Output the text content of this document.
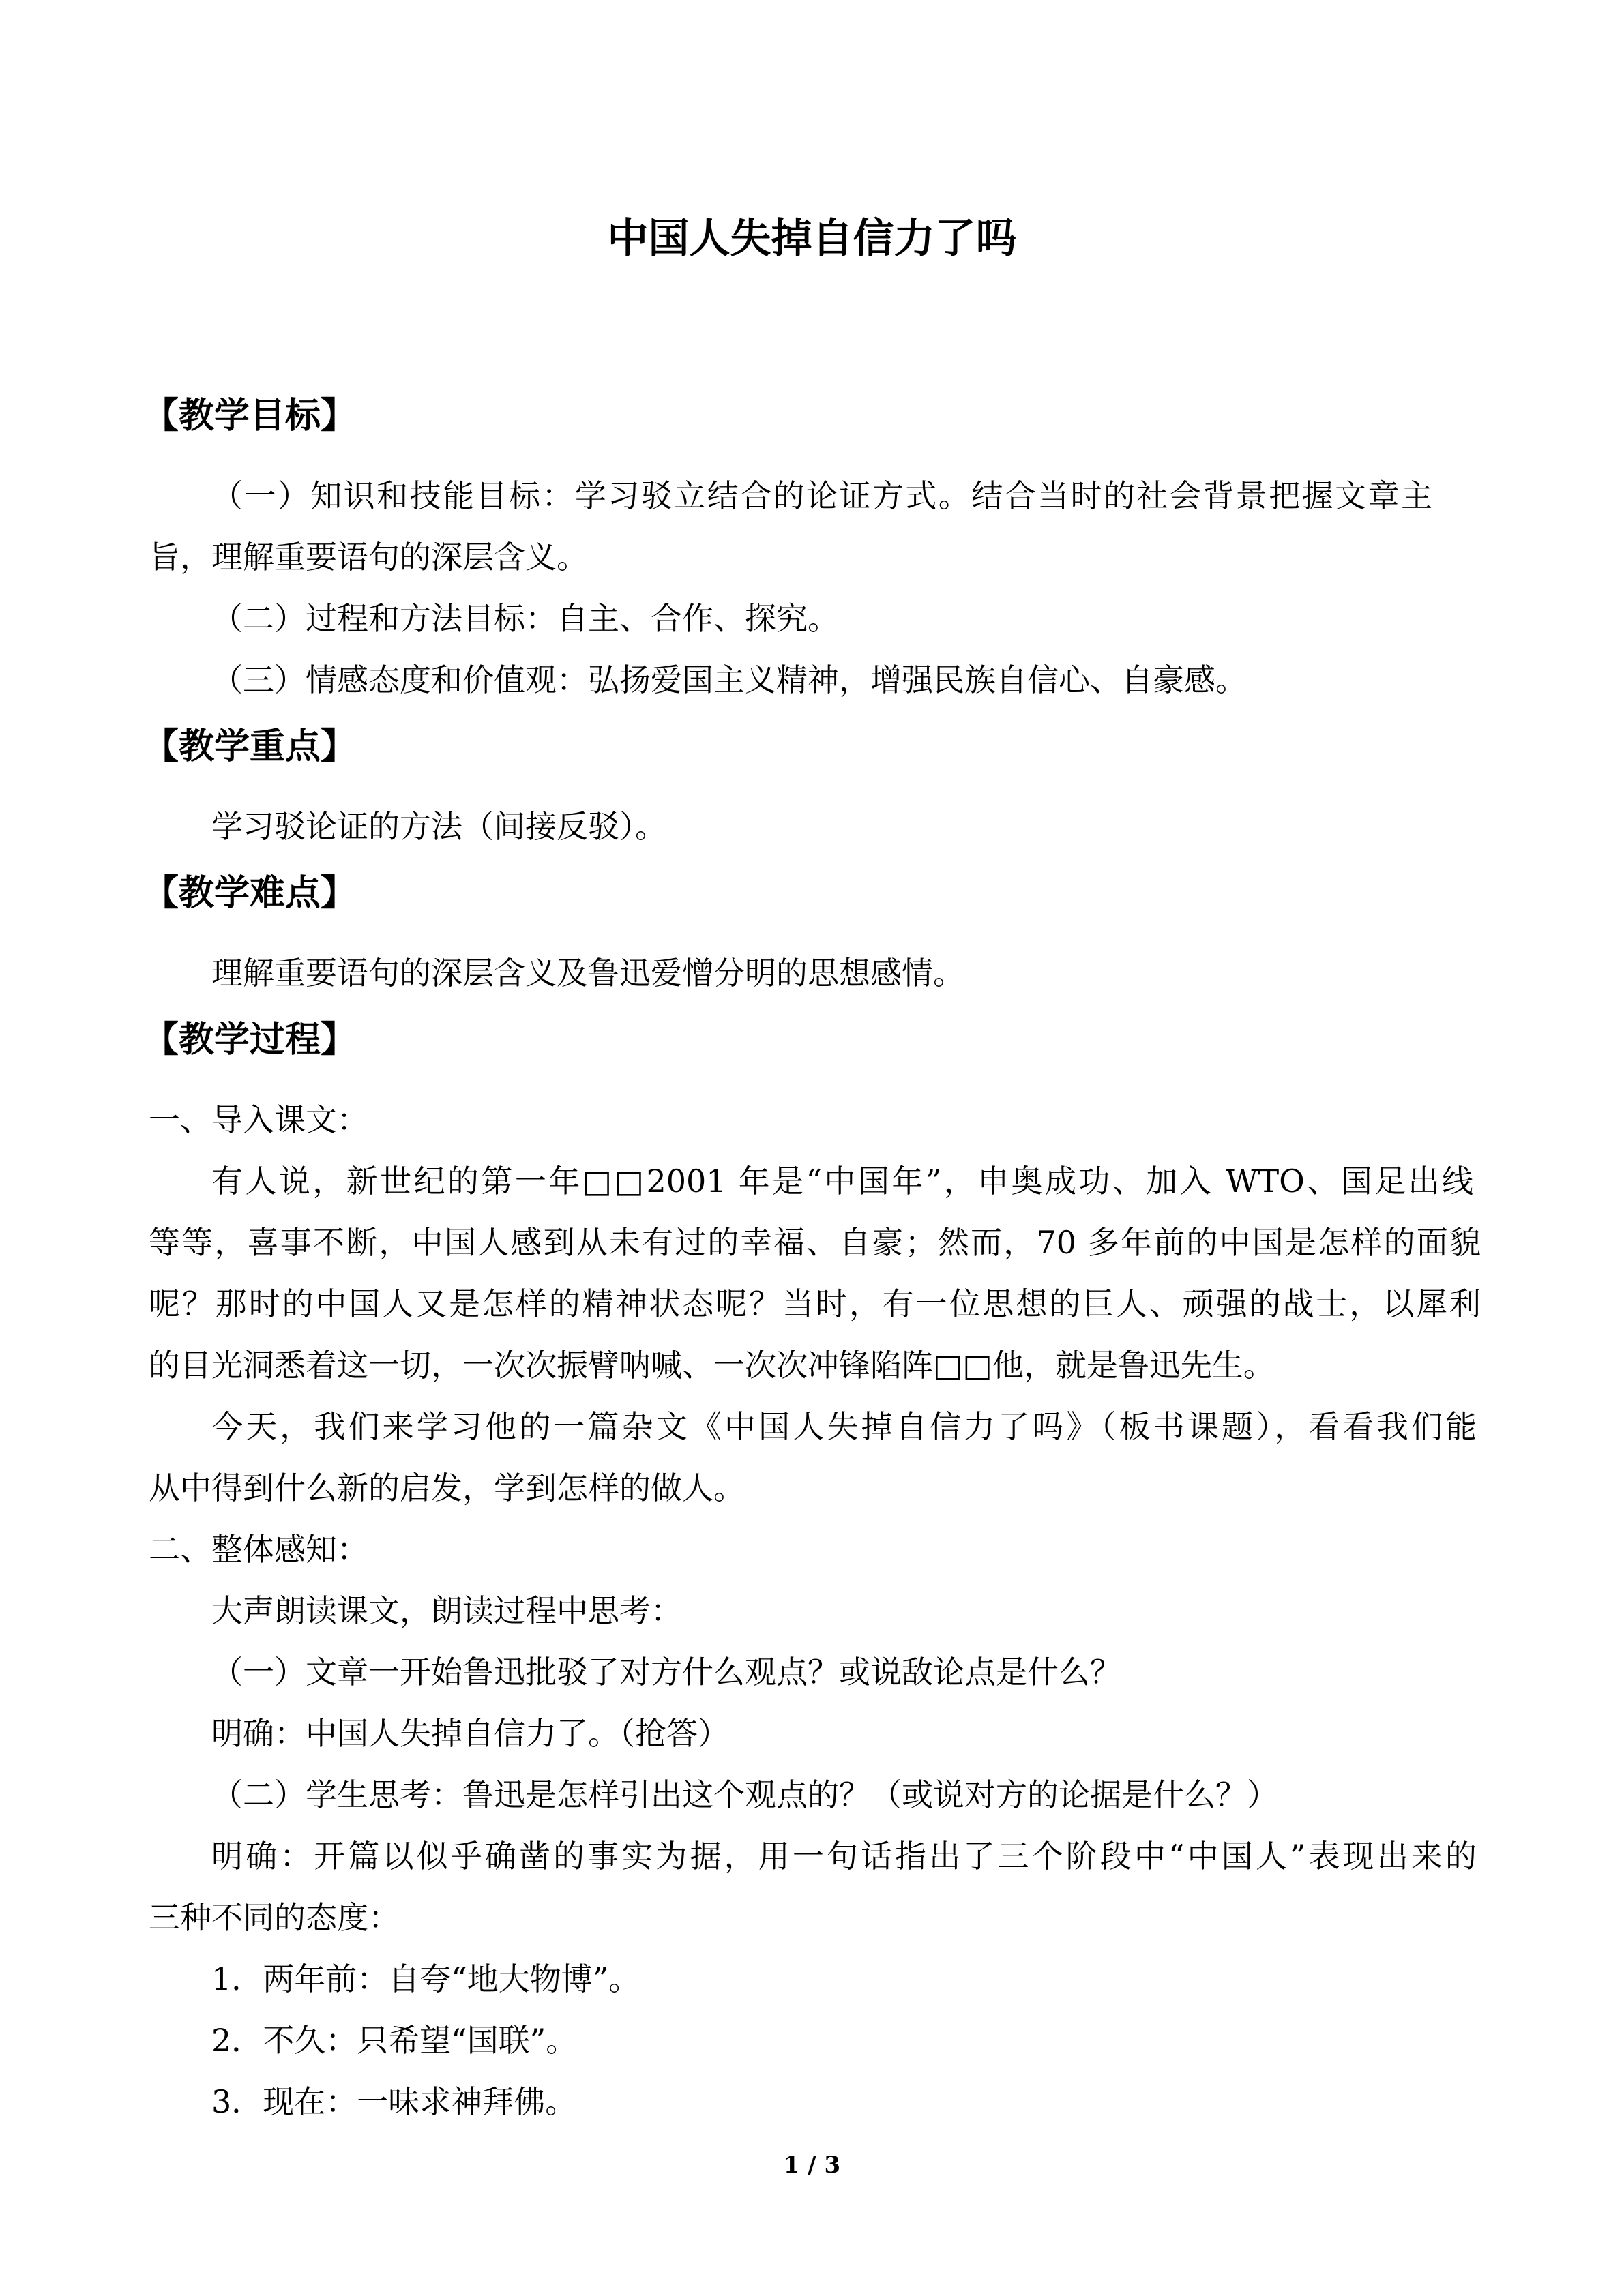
中国人失掉自信力了吗
【教学目标】
（一）知识和技能目标：学习驳立结合的论证方式。结合当时的社会背景把握文章主
旨，理解重要语句的深层含义。
（二）过程和方法目标：自主、合作、探究。
（三）情感态度和价值观：弘扬爱国主义精神，增强民族自信心、自豪感。
【教学重点】
学习驳论证的方法（间接反驳）。
【教学难点】
理解重要语句的深层含义及鲁迅爱憎分明的思想感情。
【教学过程】
一、导入课文：
有人说，新世纪的第一年□□2001 年是“中国年”，申奥成功、加入 WTO、国足出线
等等，喜事不断，中国人感到从未有过的幸福、自豪；然而，70 多年前的中国是怎样的面貌
呢？那时的中国人又是怎样的精神状态呢？当时，有一位思想的巨人、顽强的战士，以犀利
的目光洞悉着这一切，一次次振臂呐喊、一次次冲锋陷阵□□他，就是鲁迅先生。
今天，我们来学习他的一篇杂文《中国人失掉自信力了吗》（板书课题），看看我们能
从中得到什么新的启发，学到怎样的做人。
二、整体感知：
大声朗读课文，朗读过程中思考：
（一）文章一开始鲁迅批驳了对方什么观点？或说敌论点是什么？
明确：中国人失掉自信力了。（抢答）
（二）学生思考：鲁迅是怎样引出这个观点的？（或说对方的论据是什么？）
明确：开篇以似乎确凿的事实为据，用一句话指出了三个阶段中“中国人”表现出来的
三种不同的态度：
1．两年前：自夸“地大物博”。
2．不久：只希望“国联”。
3．现在：一味求神拜佛。
1 / 3
